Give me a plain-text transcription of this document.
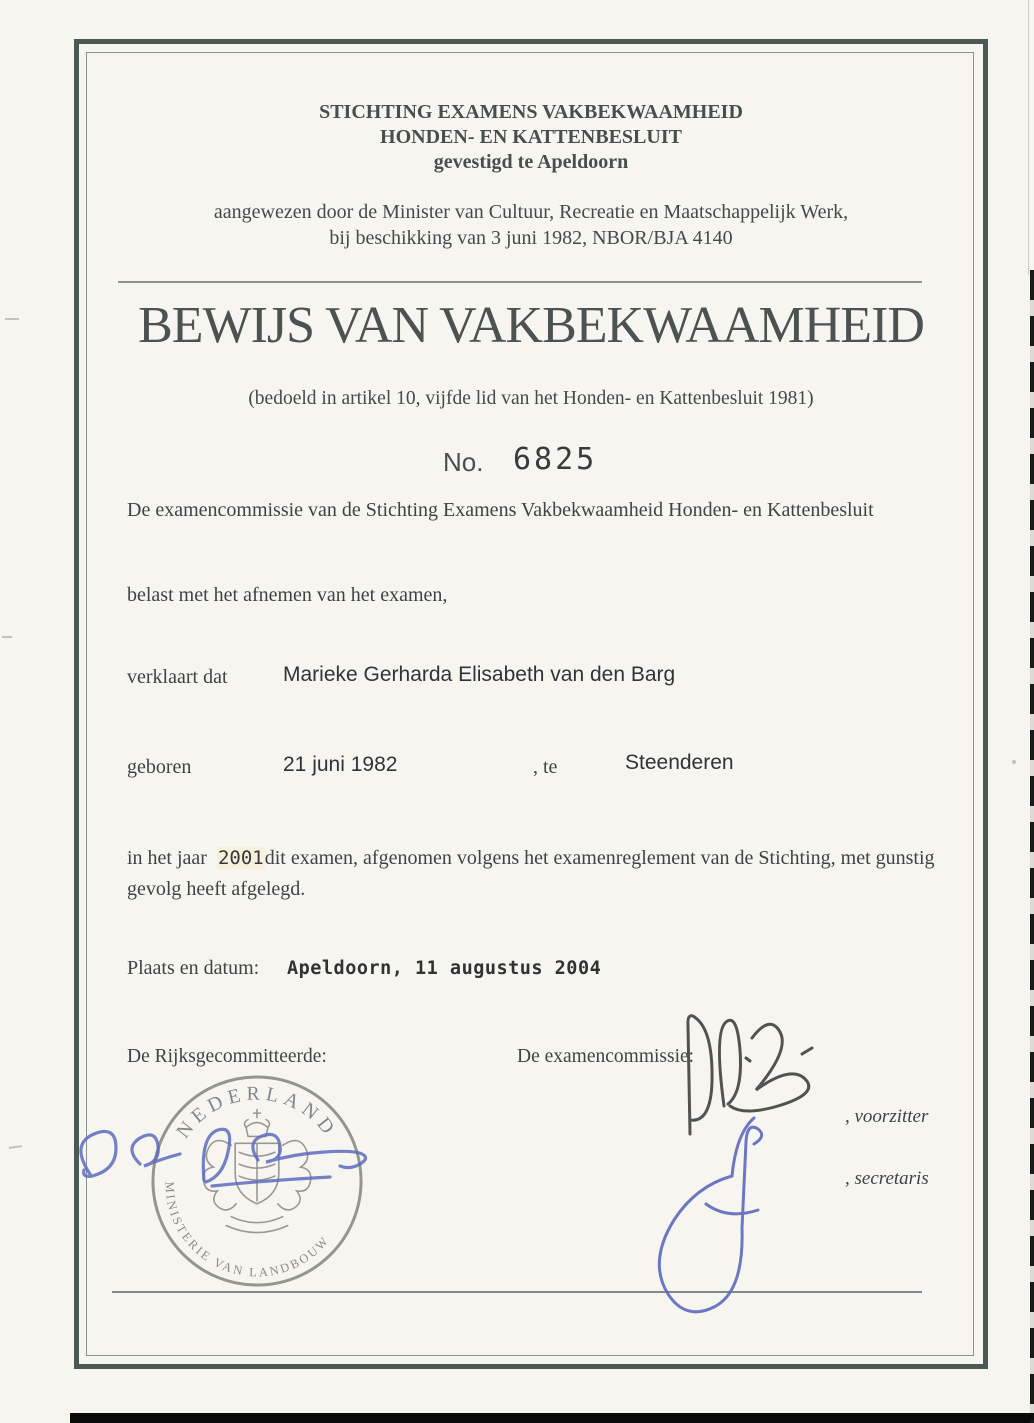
STICHTING EXAMENS VAKBEKWAAMHEID
HONDEN- EN KATTENBESLUIT
gevestigd te Apeldoorn
aangewezen door de Minister van Cultuur, Recreatie en Maatschappelijk Werk,
bij beschikking van 3 juni 1982, NBOR/BJA 4140
BEWIJS VAN VAKBEKWAAMHEID
(bedoeld in artikel 10, vijfde lid van het Honden- en Kattenbesluit 1981)
No. 6825
De examencommissie van de Stichting Examens Vakbekwaamheid Honden- en Kattenbesluit
belast met het afnemen van het examen,
verklaart dat	Marieke Gerharda Elisabeth van den Barg
geboren	21 juni 1982	, te	Steenderen
in het jaar 2001dit examen, afgenomen volgens het examenreglement van de Stichting, met gunstig gevolg heeft afgelegd.
Plaats en datum: Apeldoorn, 11 augustus 2004
De Rijksgecommitteerde:	De examencommissie:
, voorzitter
, secretaris
NEDERLAND
MINISTERIE VAN LANDBOUW
